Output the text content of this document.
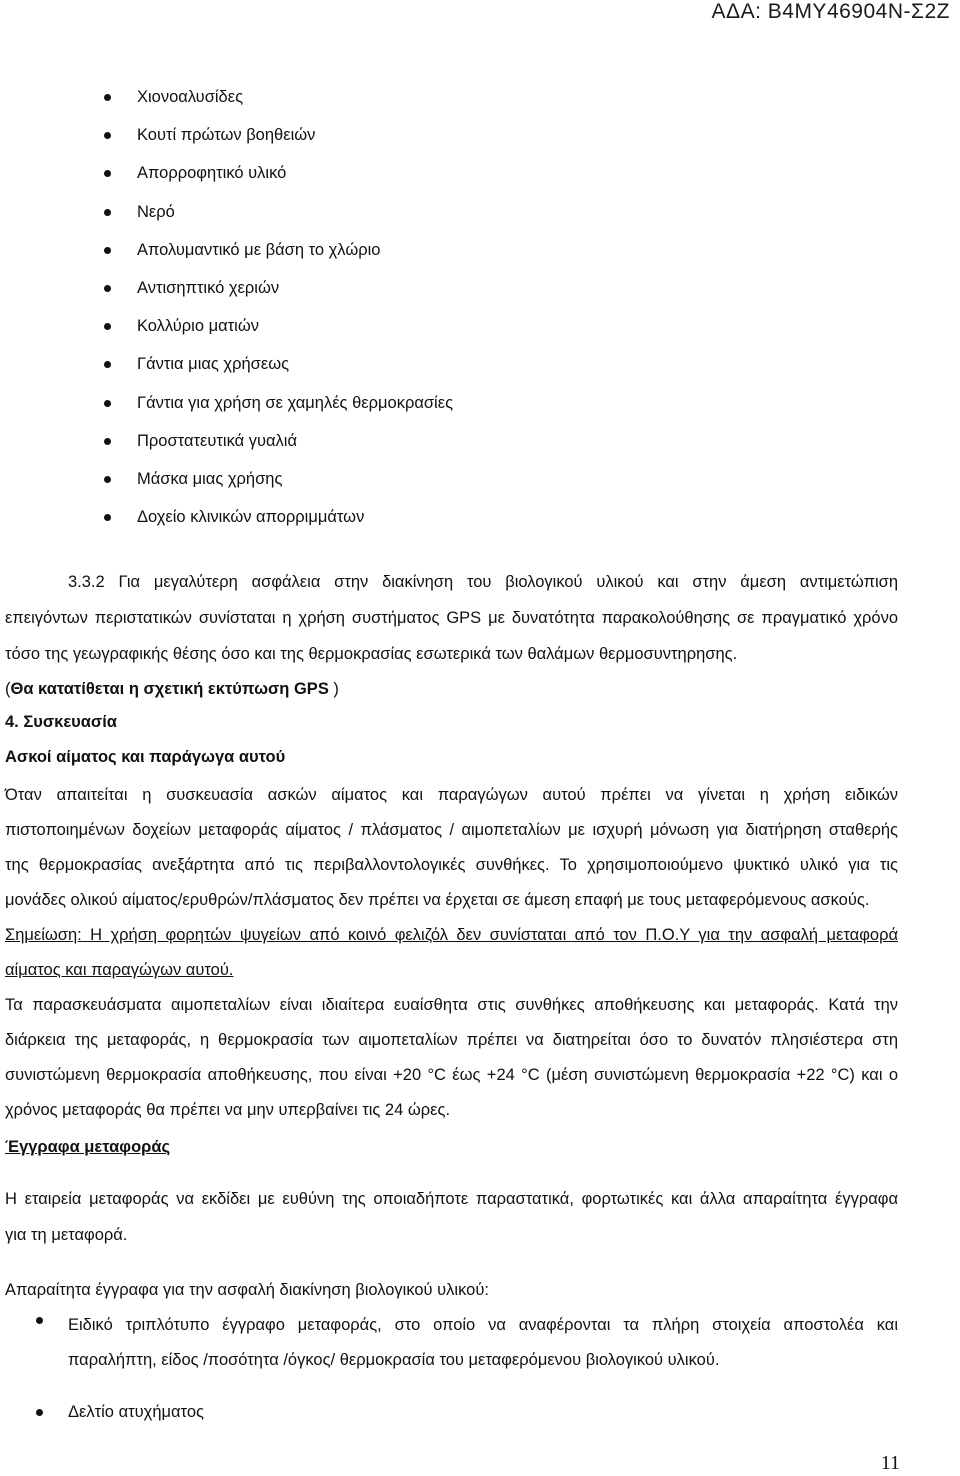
ΑΔΑ: Β4ΜΥ46904Ν-Σ2Ζ
Χιονοαλυσίδες
Κουτί πρώτων βοηθειών
Απορροφητικό υλικό
Νερό
Απολυμαντικό με βάση το χλώριο
Αντισηπτικό χεριών
Κολλύριο ματιών
Γάντια μιας χρήσεως
Γάντια για χρήση σε χαμηλές θερμοκρασίες
Προστατευτικά γυαλιά
Μάσκα μιας χρήσης
Δοχείο κλινικών απορριμμάτων
3.3.2 Για μεγαλύτερη ασφάλεια στην διακίνηση του βιολογικού υλικού και στην άμεση αντιμετώπιση
επειγόντων περιστατικών συνίσταται η χρήση συστήματος GPS με δυνατότητα παρακολούθησης σε πραγματικό χρόνο
τόσο της γεωγραφικής θέσης όσο και της θερμοκρασίας εσωτερικά των θαλάμων θερμοσυντηρησης.
(Θα κατατίθεται η σχετική εκτύπωση GPS )
4. Συσκευασία
Ασκοί αίματος και παράγωγα αυτού
Όταν απαιτείται η συσκευασία ασκών αίματος και παραγώγων αυτού πρέπει να γίνεται η χρήση ειδικών
πιστοποιημένων δοχείων μεταφοράς αίματος / πλάσματος / αιμοπεταλίων με ισχυρή μόνωση για διατήρηση σταθερής
της θερμοκρασίας ανεξάρτητα από τις περιβαλλοντολογικές συνθήκες. Το χρησιμοποιούμενο ψυκτικό υλικό για τις
μονάδες ολικού αίματος/ερυθρών/πλάσματος δεν πρέπει να έρχεται σε άμεση επαφή με τους μεταφερόμενους ασκούς.
Σημείωση: Η χρήση φορητών ψυγείων από κοινό φελιζόλ δεν συνίσταται από τον Π.Ο.Υ για την ασφαλή μεταφορά
αίματος και παραγώγων αυτού.
Τα παρασκευάσματα αιμοπεταλίων είναι ιδιαίτερα ευαίσθητα στις συνθήκες αποθήκευσης και μεταφοράς. Κατά την
διάρκεια της μεταφοράς, η θερμοκρασία των αιμοπεταλίων πρέπει να διατηρείται όσο το δυνατόν πλησιέστερα στη
συνιστώμενη θερμοκρασία αποθήκευσης, που είναι +20 °C έως +24 °C (μέση συνιστώμενη θερμοκρασία +22 °C) και ο
χρόνος μεταφοράς θα πρέπει να μην υπερβαίνει τις 24 ώρες.
Έγγραφα μεταφοράς
Η εταιρεία μεταφοράς να εκδίδει με ευθύνη της οποιαδήποτε παραστατικά, φορτωτικές και άλλα απαραίτητα έγγραφα
για τη μεταφορά.
Απαραίτητα έγγραφα για την ασφαλή διακίνηση βιολογικού υλικού:
Ειδικό τριπλότυπο έγγραφο μεταφοράς, στο οποίο να αναφέρονται τα πλήρη στοιχεία αποστολέα και
παραλήπτη, είδος /ποσότητα /όγκος/ θερμοκρασία του μεταφερόμενου βιολογικού υλικού.
Δελτίο ατυχήματος
11
